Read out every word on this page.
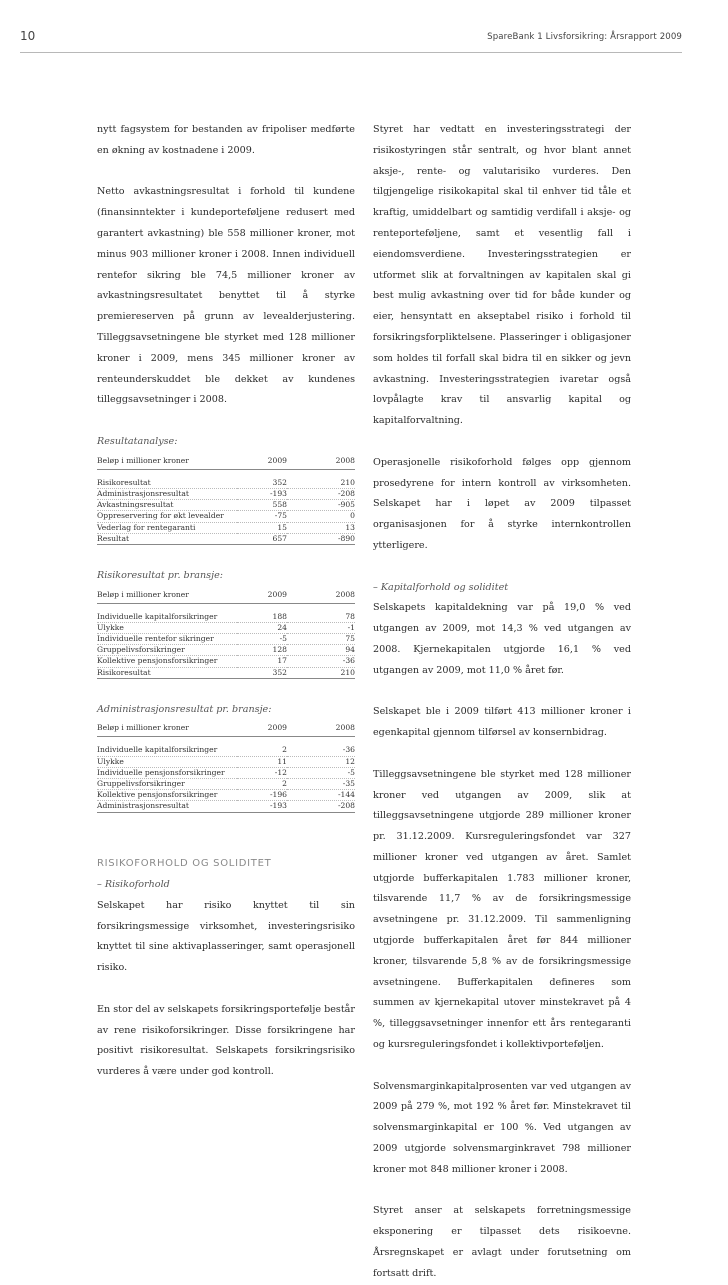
10	SpareBank 1 Livsforsikring: Årsrapport 2009

nytt fagsystem for bestanden av fripoliser medførte en økning av kostnadene i 2009.

Netto avkastningsresultat i forhold til kundene (finansinntekter i kundeporteføljene redusert med garantert avkastning) ble 558 millioner kroner, mot minus 903 millioner kroner i 2008. Innen individuell rentefor sikring ble 74,5 millioner kroner av avkastningsresultatet benyttet til å styrke premiereserven på grunn av levealderjustering. Tilleggsavsetningene ble styrket med 128 millioner kroner i 2009, mens 345 millioner kroner av renteunderskuddet ble dekket av kundenes tilleggsavsetninger i 2008.

Resultatanalyse:

Beløp i millioner kroner	2009	2008

Risikoresultat	352	210
Administrasjonsresultat	-193	-208
Avkastningsresultat	558	-905
Oppreservering for økt levealder	-75	0
Vederlag for rentegaranti	15	13
Resultat	657	-890

Risikoresultat pr. bransje:

Beløp i millioner kroner	2009	2008

Individuelle kapitalforsikringer	188	78
Ulykke	24	-1
Individuelle rentefor sikringer	-5	75
Gruppelivsforsikringer	128	94
Kollektive pensjonsforsikringer	17	-36
Risikoresultat	352	210

Administrasjonsresultat pr. bransje:

Beløp i millioner kroner	2009	2008

Individuelle kapitalforsikringer	2	-36
Ulykke	11	12
Individuelle pensjonsforsikringer	-12	-5
Gruppelivsforsikringer	2	-35
Kollektive pensjonsforsikringer	-196	-144
Administrasjonsresultat	-193	-208

RISIKOFORHOLD OG SOLIDITET

– Risikoforhold

Selskapet har risiko knyttet til sin forsikringsmessige virksomhet, investeringsrisiko knyttet til sine aktivaplasseringer, samt operasjonell risiko.

En stor del av selskapets forsikringsportefølje består av rene risikoforsikringer. Disse forsikringene har positivt risikoresultat. Selskapets forsikringsrisiko vurderes å være under god kontroll.

Styret har vedtatt en investeringsstrategi der risikostyringen står sentralt, og hvor blant annet aksje-, rente- og valutarisiko vurderes. Den tilgjengelige risikokapital skal til enhver tid tåle et kraftig, umiddelbart og samtidig verdifall i aksje- og renteporteføljene, samt et vesentlig fall i eiendomsverdiene. Investeringsstrategien er utformet slik at forvaltningen av kapitalen skal gi best mulig avkastning over tid for både kunder og eier, hensyntatt en akseptabel risiko i forhold til forsikringsforpliktelsene. Plasseringer i obligasjoner som holdes til forfall skal bidra til en sikker og jevn avkastning. Investeringsstrategien ivaretar også lovpålagte krav til ansvarlig kapital og kapitalforvaltning.

Operasjonelle risikoforhold følges opp gjennom prosedyrene for intern kontroll av virksomheten. Selskapet har i løpet av 2009 tilpasset organisasjonen for å styrke internkontrollen ytterligere.

– Kapitalforhold og soliditet

Selskapets kapitaldekning var på 19,0 % ved utgangen av 2009, mot 14,3 % ved utgangen av 2008. Kjernekapitalen utgjorde 16,1 % ved utgangen av 2009, mot 11,0 % året før.

Selskapet ble i 2009 tilført 413 millioner kroner i egenkapital gjennom tilførsel av konsernbidrag.

Tilleggsavsetningene ble styrket med 128 millioner kroner ved utgangen av 2009, slik at tilleggsavsetningene utgjorde 289 millioner kroner pr. 31.12.2009. Kursreguleringsfondet var 327 millioner kroner ved utgangen av året. Samlet utgjorde bufferkapitalen 1.783 millioner kroner, tilsvarende 11,7 % av de forsikringsmessige avsetningene pr. 31.12.2009. Til sammenligning utgjorde bufferkapitalen året før 844 millioner kroner, tilsvarende 5,8 % av de forsikringsmessige avsetningene. Bufferkapitalen defineres som summen av kjernekapital utover minstekravet på 4 %, tilleggsavsetninger innenfor ett års rentegaranti og kursreguleringsfondet i kollektivporteføljen.

Solvensmarginkapitalprosenten var ved utgangen av 2009 på 279 %, mot 192 % året før. Minstekravet til solvensmarginkapital er 100 %. Ved utgangen av 2009 utgjorde solvensmarginkravet 798 millioner kroner mot 848 millioner kroner i 2008.

Styret anser at selskapets forretningsmessige eksponering er tilpasset dets risikoevne. Årsregnskapet er avlagt under forutsetning om fortsatt drift.
